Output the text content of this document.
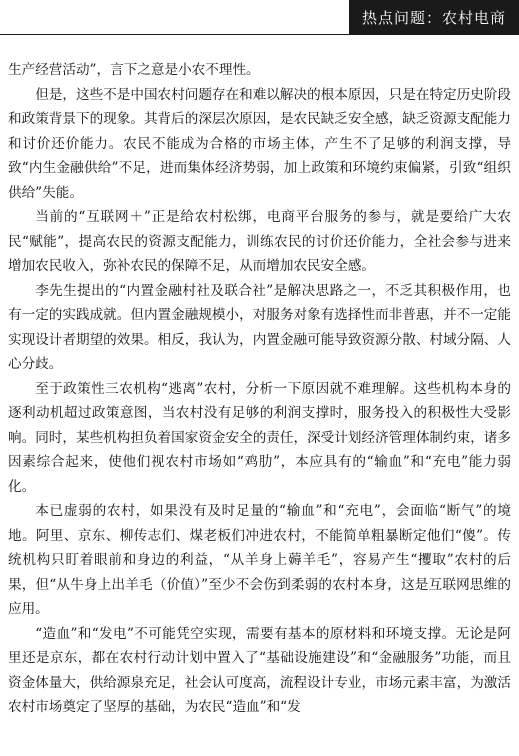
热点问题：农村电商

生产经营活动”，言下之意是小农不理性。

但是，这些不是中国农村问题存在和难以解决的根本原因，只是在特定历史阶段和政策背景下的现象。其背后的深层次原因，是农民缺乏安全感，缺乏资源支配能力和讨价还价能力。农民不能成为合格的市场主体，产生不了足够的利润支撑，导致“内生金融供给”不足，进而集体经济势弱，加上政策和环境约束偏紧，引致“组织供给”失能。

当前的“互联网＋”正是给农村松绑，电商平台服务的参与，就是要给广大农民“赋能”，提高农民的资源支配能力，训练农民的讨价还价能力，全社会参与进来增加农民收入，弥补农民的保障不足，从而增加农民安全感。

李先生提出的“内置金融村社及联合社”是解决思路之一，不乏其积极作用，也有一定的实践成就。但内置金融规模小，对服务对象有选择性而非普惠，并不一定能实现设计者期望的效果。相反，我认为，内置金融可能导致资源分散、村域分隔、人心分歧。

至于政策性三农机构“逃离”农村，分析一下原因就不难理解。这些机构本身的逐利动机超过政策意图，当农村没有足够的利润支撑时，服务投入的积极性大受影响。同时，某些机构担负着国家资金安全的责任，深受计划经济管理体制约束，诸多因素综合起来，使他们视农村市场如“鸡肋”，本应具有的“输血”和“充电”能力弱化。

本已虚弱的农村，如果没有及时足量的“输血”和“充电”，会面临“断气”的境地。阿里、京东、柳传志们、煤老板们冲进农村，不能简单粗暴断定他们“傻”。传统机构只盯着眼前和身边的利益，“从羊身上薅羊毛”，容易产生“攫取”农村的后果，但“从牛身上出羊毛（价值）”至少不会伤到柔弱的农村本身，这是互联网思维的应用。

“造血”和“发电”不可能凭空实现，需要有基本的原材料和环境支撑。无论是阿里还是京东，都在农村行动计划中置入了“基础设施建设”和“金融服务”功能，而且资金体量大，供给源泉充足，社会认可度高，流程设计专业，市场元素丰富，为激活农村市场奠定了坚厚的基础，为农民“造血”和“发
